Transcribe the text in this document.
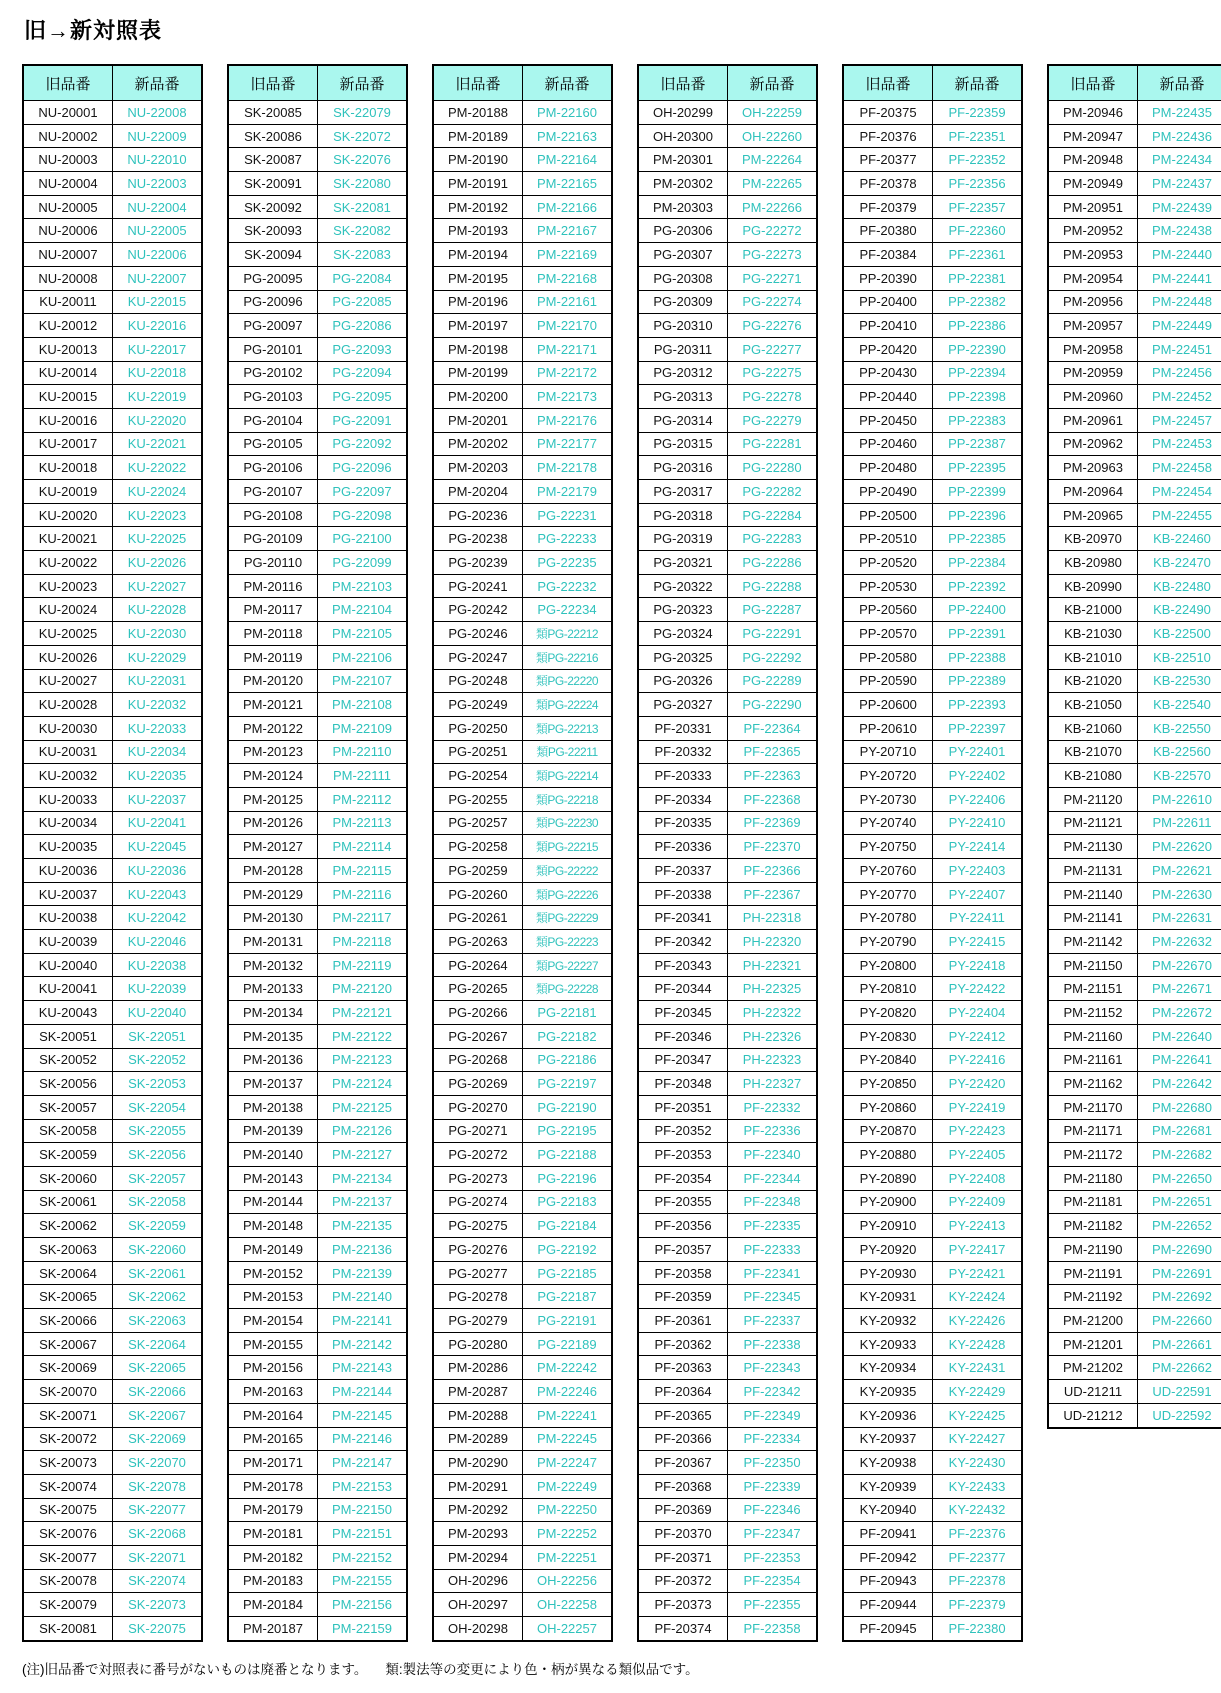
旧→新対照表
旧品番	新品番
NU-20001	NU-22008
NU-20002	NU-22009
NU-20003	NU-22010
NU-20004	NU-22003
NU-20005	NU-22004
NU-20006	NU-22005
NU-20007	NU-22006
NU-20008	NU-22007
KU-20011	KU-22015
KU-20012	KU-22016
KU-20013	KU-22017
KU-20014	KU-22018
KU-20015	KU-22019
KU-20016	KU-22020
KU-20017	KU-22021
KU-20018	KU-22022
KU-20019	KU-22024
KU-20020	KU-22023
KU-20021	KU-22025
KU-20022	KU-22026
KU-20023	KU-22027
KU-20024	KU-22028
KU-20025	KU-22030
KU-20026	KU-22029
KU-20027	KU-22031
KU-20028	KU-22032
KU-20030	KU-22033
KU-20031	KU-22034
KU-20032	KU-22035
KU-20033	KU-22037
KU-20034	KU-22041
KU-20035	KU-22045
KU-20036	KU-22036
KU-20037	KU-22043
KU-20038	KU-22042
KU-20039	KU-22046
KU-20040	KU-22038
KU-20041	KU-22039
KU-20043	KU-22040
SK-20051	SK-22051
SK-20052	SK-22052
SK-20056	SK-22053
SK-20057	SK-22054
SK-20058	SK-22055
SK-20059	SK-22056
SK-20060	SK-22057
SK-20061	SK-22058
SK-20062	SK-22059
SK-20063	SK-22060
SK-20064	SK-22061
SK-20065	SK-22062
SK-20066	SK-22063
SK-20067	SK-22064
SK-20069	SK-22065
SK-20070	SK-22066
SK-20071	SK-22067
SK-20072	SK-22069
SK-20073	SK-22070
SK-20074	SK-22078
SK-20075	SK-22077
SK-20076	SK-22068
SK-20077	SK-22071
SK-20078	SK-22074
SK-20079	SK-22073
SK-20081	SK-22075
旧品番	新品番
SK-20085	SK-22079
SK-20086	SK-22072
SK-20087	SK-22076
SK-20091	SK-22080
SK-20092	SK-22081
SK-20093	SK-22082
SK-20094	SK-22083
PG-20095	PG-22084
PG-20096	PG-22085
PG-20097	PG-22086
PG-20101	PG-22093
PG-20102	PG-22094
PG-20103	PG-22095
PG-20104	PG-22091
PG-20105	PG-22092
PG-20106	PG-22096
PG-20107	PG-22097
PG-20108	PG-22098
PG-20109	PG-22100
PG-20110	PG-22099
PM-20116	PM-22103
PM-20117	PM-22104
PM-20118	PM-22105
PM-20119	PM-22106
PM-20120	PM-22107
PM-20121	PM-22108
PM-20122	PM-22109
PM-20123	PM-22110
PM-20124	PM-22111
PM-20125	PM-22112
PM-20126	PM-22113
PM-20127	PM-22114
PM-20128	PM-22115
PM-20129	PM-22116
PM-20130	PM-22117
PM-20131	PM-22118
PM-20132	PM-22119
PM-20133	PM-22120
PM-20134	PM-22121
PM-20135	PM-22122
PM-20136	PM-22123
PM-20137	PM-22124
PM-20138	PM-22125
PM-20139	PM-22126
PM-20140	PM-22127
PM-20143	PM-22134
PM-20144	PM-22137
PM-20148	PM-22135
PM-20149	PM-22136
PM-20152	PM-22139
PM-20153	PM-22140
PM-20154	PM-22141
PM-20155	PM-22142
PM-20156	PM-22143
PM-20163	PM-22144
PM-20164	PM-22145
PM-20165	PM-22146
PM-20171	PM-22147
PM-20178	PM-22153
PM-20179	PM-22150
PM-20181	PM-22151
PM-20182	PM-22152
PM-20183	PM-22155
PM-20184	PM-22156
PM-20187	PM-22159
旧品番	新品番
PM-20188	PM-22160
PM-20189	PM-22163
PM-20190	PM-22164
PM-20191	PM-22165
PM-20192	PM-22166
PM-20193	PM-22167
PM-20194	PM-22169
PM-20195	PM-22168
PM-20196	PM-22161
PM-20197	PM-22170
PM-20198	PM-22171
PM-20199	PM-22172
PM-20200	PM-22173
PM-20201	PM-22176
PM-20202	PM-22177
PM-20203	PM-22178
PM-20204	PM-22179
PG-20236	PG-22231
PG-20238	PG-22233
PG-20239	PG-22235
PG-20241	PG-22232
PG-20242	PG-22234
PG-20246	類PG-22212
PG-20247	類PG-22216
PG-20248	類PG-22220
PG-20249	類PG-22224
PG-20250	類PG-22213
PG-20251	類PG-22211
PG-20254	類PG-22214
PG-20255	類PG-22218
PG-20257	類PG-22230
PG-20258	類PG-22215
PG-20259	類PG-22222
PG-20260	類PG-22226
PG-20261	類PG-22229
PG-20263	類PG-22223
PG-20264	類PG-22227
PG-20265	類PG-22228
PG-20266	PG-22181
PG-20267	PG-22182
PG-20268	PG-22186
PG-20269	PG-22197
PG-20270	PG-22190
PG-20271	PG-22195
PG-20272	PG-22188
PG-20273	PG-22196
PG-20274	PG-22183
PG-20275	PG-22184
PG-20276	PG-22192
PG-20277	PG-22185
PG-20278	PG-22187
PG-20279	PG-22191
PG-20280	PG-22189
PM-20286	PM-22242
PM-20287	PM-22246
PM-20288	PM-22241
PM-20289	PM-22245
PM-20290	PM-22247
PM-20291	PM-22249
PM-20292	PM-22250
PM-20293	PM-22252
PM-20294	PM-22251
OH-20296	OH-22256
OH-20297	OH-22258
OH-20298	OH-22257
旧品番	新品番
OH-20299	OH-22259
OH-20300	OH-22260
PM-20301	PM-22264
PM-20302	PM-22265
PM-20303	PM-22266
PG-20306	PG-22272
PG-20307	PG-22273
PG-20308	PG-22271
PG-20309	PG-22274
PG-20310	PG-22276
PG-20311	PG-22277
PG-20312	PG-22275
PG-20313	PG-22278
PG-20314	PG-22279
PG-20315	PG-22281
PG-20316	PG-22280
PG-20317	PG-22282
PG-20318	PG-22284
PG-20319	PG-22283
PG-20321	PG-22286
PG-20322	PG-22288
PG-20323	PG-22287
PG-20324	PG-22291
PG-20325	PG-22292
PG-20326	PG-22289
PG-20327	PG-22290
PF-20331	PF-22364
PF-20332	PF-22365
PF-20333	PF-22363
PF-20334	PF-22368
PF-20335	PF-22369
PF-20336	PF-22370
PF-20337	PF-22366
PF-20338	PF-22367
PF-20341	PH-22318
PF-20342	PH-22320
PF-20343	PH-22321
PF-20344	PH-22325
PF-20345	PH-22322
PF-20346	PH-22326
PF-20347	PH-22323
PF-20348	PH-22327
PF-20351	PF-22332
PF-20352	PF-22336
PF-20353	PF-22340
PF-20354	PF-22344
PF-20355	PF-22348
PF-20356	PF-22335
PF-20357	PF-22333
PF-20358	PF-22341
PF-20359	PF-22345
PF-20361	PF-22337
PF-20362	PF-22338
PF-20363	PF-22343
PF-20364	PF-22342
PF-20365	PF-22349
PF-20366	PF-22334
PF-20367	PF-22350
PF-20368	PF-22339
PF-20369	PF-22346
PF-20370	PF-22347
PF-20371	PF-22353
PF-20372	PF-22354
PF-20373	PF-22355
PF-20374	PF-22358
旧品番	新品番
PF-20375	PF-22359
PF-20376	PF-22351
PF-20377	PF-22352
PF-20378	PF-22356
PF-20379	PF-22357
PF-20380	PF-22360
PF-20384	PF-22361
PP-20390	PP-22381
PP-20400	PP-22382
PP-20410	PP-22386
PP-20420	PP-22390
PP-20430	PP-22394
PP-20440	PP-22398
PP-20450	PP-22383
PP-20460	PP-22387
PP-20480	PP-22395
PP-20490	PP-22399
PP-20500	PP-22396
PP-20510	PP-22385
PP-20520	PP-22384
PP-20530	PP-22392
PP-20560	PP-22400
PP-20570	PP-22391
PP-20580	PP-22388
PP-20590	PP-22389
PP-20600	PP-22393
PP-20610	PP-22397
PY-20710	PY-22401
PY-20720	PY-22402
PY-20730	PY-22406
PY-20740	PY-22410
PY-20750	PY-22414
PY-20760	PY-22403
PY-20770	PY-22407
PY-20780	PY-22411
PY-20790	PY-22415
PY-20800	PY-22418
PY-20810	PY-22422
PY-20820	PY-22404
PY-20830	PY-22412
PY-20840	PY-22416
PY-20850	PY-22420
PY-20860	PY-22419
PY-20870	PY-22423
PY-20880	PY-22405
PY-20890	PY-22408
PY-20900	PY-22409
PY-20910	PY-22413
PY-20920	PY-22417
PY-20930	PY-22421
KY-20931	KY-22424
KY-20932	KY-22426
KY-20933	KY-22428
KY-20934	KY-22431
KY-20935	KY-22429
KY-20936	KY-22425
KY-20937	KY-22427
KY-20938	KY-22430
KY-20939	KY-22433
KY-20940	KY-22432
PF-20941	PF-22376
PF-20942	PF-22377
PF-20943	PF-22378
PF-20944	PF-22379
PF-20945	PF-22380
旧品番	新品番
PM-20946	PM-22435
PM-20947	PM-22436
PM-20948	PM-22434
PM-20949	PM-22437
PM-20951	PM-22439
PM-20952	PM-22438
PM-20953	PM-22440
PM-20954	PM-22441
PM-20956	PM-22448
PM-20957	PM-22449
PM-20958	PM-22451
PM-20959	PM-22456
PM-20960	PM-22452
PM-20961	PM-22457
PM-20962	PM-22453
PM-20963	PM-22458
PM-20964	PM-22454
PM-20965	PM-22455
KB-20970	KB-22460
KB-20980	KB-22470
KB-20990	KB-22480
KB-21000	KB-22490
KB-21030	KB-22500
KB-21010	KB-22510
KB-21020	KB-22530
KB-21050	KB-22540
KB-21060	KB-22550
KB-21070	KB-22560
KB-21080	KB-22570
PM-21120	PM-22610
PM-21121	PM-22611
PM-21130	PM-22620
PM-21131	PM-22621
PM-21140	PM-22630
PM-21141	PM-22631
PM-21142	PM-22632
PM-21150	PM-22670
PM-21151	PM-22671
PM-21152	PM-22672
PM-21160	PM-22640
PM-21161	PM-22641
PM-21162	PM-22642
PM-21170	PM-22680
PM-21171	PM-22681
PM-21172	PM-22682
PM-21180	PM-22650
PM-21181	PM-22651
PM-21182	PM-22652
PM-21190	PM-22690
PM-21191	PM-22691
PM-21192	PM-22692
PM-21200	PM-22660
PM-21201	PM-22661
PM-21202	PM-22662
UD-21211	UD-22591
UD-21212	UD-22592
(注)旧品番で対照表に番号がないものは廃番となります。 類:製法等の変更により色・柄が異なる類似品です。
